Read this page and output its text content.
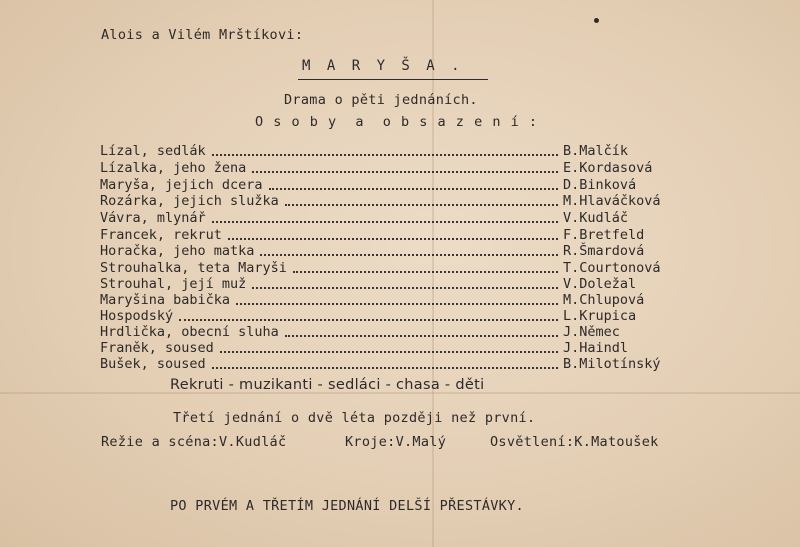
Alois a Vilém Mrštíkovi:
M A R Y Š A .
Drama o pěti jednáních.
O s o b y  a  o b s a z e n í :
Lízal, sedlák	B.Malčík
Lízalka, jeho žena	E.Kordasová
Maryša, jejich dcera	D.Binková
Rozárka, jejich služka	M.Hlaváčková
Vávra, mlynář	V.Kudláč
Francek, rekrut	F.Bretfeld
Horačka, jeho matka	R.Šmardová
Strouhalka, teta Maryši	T.Courtonová
Strouhal, její muž	V.Doležal
Maryšina babička	M.Chlupová
Hospodský	L.Krupica
Hrdlička, obecní sluha	J.Němec
Franěk, soused	J.Haindl
Bušek, soused	B.Milotínský
Rekruti - muzikanti - sedláci - chasa - děti
Třetí jednání o dvě léta později než první.
Režie a scéna:V.Kudláč	Kroje:V.Malý	Osvětlení:K.Matoušek
PO PRVÉM A TŘETÍM JEDNÁNÍ DELŠÍ PŘESTÁVKY.
